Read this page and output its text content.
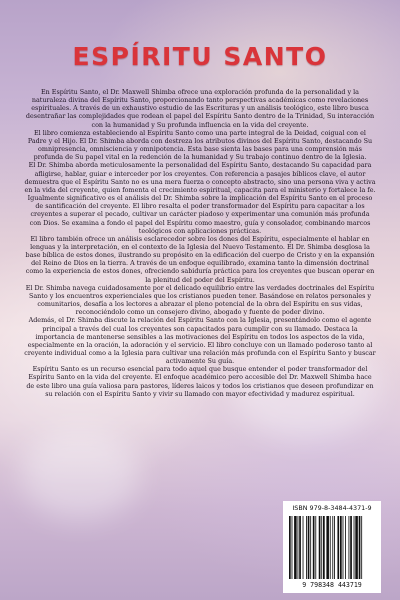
ESPÍRITU SANTO

En Espíritu Santo, el Dr. Maxwell Shimba ofrece una exploración profunda de la personalidad y la naturaleza divina del Espíritu Santo, proporcionando tanto perspectivas académicas como revelaciones espirituales. A través de un exhaustivo estudio de las Escrituras y un análisis teológico, este libro busca desentrañar las complejidades que rodean el papel del Espíritu Santo dentro de la Trinidad, Su interacción con la humanidad y Su profunda influencia en la vida del creyente.

El libro comienza estableciendo al Espíritu Santo como una parte integral de la Deidad, coigual con el Padre y el Hijo. El Dr. Shimba aborda con destreza los atributos divinos del Espíritu Santo, destacando Su omnipresencia, omnisciencia y omnipotencia. Esta base sienta las bases para una comprensión más profunda de Su papel vital en la redención de la humanidad y Su trabajo continuo dentro de la Iglesia.

El Dr. Shimba aborda meticulosamente la personalidad del Espíritu Santo, destacando Su capacidad para afligirse, hablar, guiar e interceder por los creyentes. Con referencia a pasajes bíblicos clave, el autor demuestra que el Espíritu Santo no es una mera fuerza o concepto abstracto, sino una persona viva y activa en la vida del creyente, quien fomenta el crecimiento espiritual, capacita para el ministerio y fortalece la fe.

Igualmente significativo es el análisis del Dr. Shimba sobre la implicación del Espíritu Santo en el proceso de santificación del creyente. El libro resalta el poder transformador del Espíritu para capacitar a los creyentes a superar el pecado, cultivar un carácter piadoso y experimentar una comunión más profunda con Dios. Se examina a fondo el papel del Espíritu como maestro, guía y consolador, combinando marcos teológicos con aplicaciones prácticas.

El libro también ofrece un análisis esclarecedor sobre los dones del Espíritu, especialmente el hablar en lenguas y la interpretación, en el contexto de la Iglesia del Nuevo Testamento. El Dr. Shimba desglosa la base bíblica de estos dones, ilustrando su propósito en la edificación del cuerpo de Cristo y en la expansión del Reino de Dios en la tierra. A través de un enfoque equilibrado, examina tanto la dimensión doctrinal como la experiencia de estos dones, ofreciendo sabiduría práctica para los creyentes que buscan operar en la plenitud del poder del Espíritu.

El Dr. Shimba navega cuidadosamente por el delicado equilibrio entre las verdades doctrinales del Espíritu Santo y los encuentros experienciales que los cristianos pueden tener. Basándose en relatos personales y comunitarios, desafía a los lectores a abrazar el pleno potencial de la obra del Espíritu en sus vidas, reconociéndolo como un consejero divino, abogado y fuente de poder divino.

Además, el Dr. Shimba discute la relación del Espíritu Santo con la Iglesia, presentándolo como el agente principal a través del cual los creyentes son capacitados para cumplir con su llamado. Destaca la importancia de mantenerse sensibles a las motivaciones del Espíritu en todos los aspectos de la vida, especialmente en la oración, la adoración y el servicio. El libro concluye con un llamado poderoso tanto al creyente individual como a la Iglesia para cultivar una relación más profunda con el Espíritu Santo y buscar activamente Su guía.

Espíritu Santo es un recurso esencial para todo aquel que busque entender el poder transformador del Espíritu Santo en la vida del creyente. El enfoque académico pero accesible del Dr. Maxwell Shimba hace de este libro una guía valiosa para pastores, líderes laicos y todos los cristianos que deseen profundizar en su relación con el Espíritu Santo y vivir su llamado con mayor efectividad y madurez espiritual.

ISBN 979-8-3484-4371-9
9 798348 443719
